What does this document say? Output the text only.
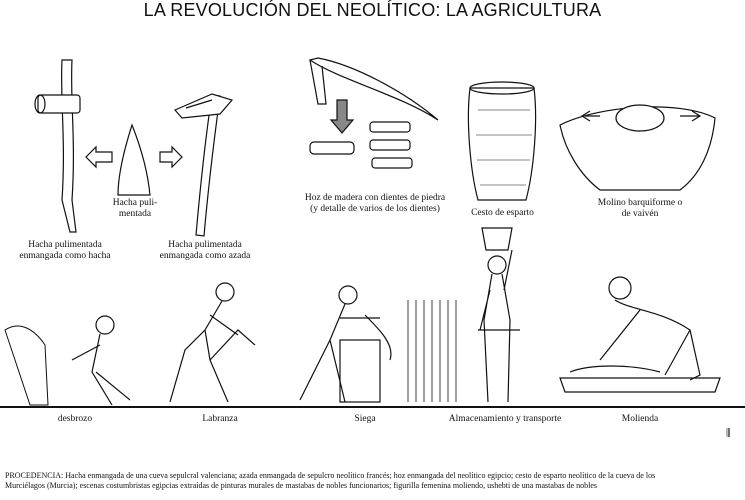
LA REVOLUCIÓN DEL NEOLÍTICO: LA AGRICULTURA
Hacha puli-
mentada
Hacha pulimentada
enmangada como hacha
Hacha pulimentada
enmangada como azada
Hoz de madera con dientes de piedra
(y detalle de varios de los dientes)	Cesto de esparto
Molino barquiforme o
de vaivén
desbrozo	Labranza	Siega	Almacenamiento y transporte	Molienda
⫼
PROCEDENCIA: Hacha enmangada de una cueva sepulcral valenciana; azada enmangada de sepulcro neolítico francés; hoz enmangada del neolítico egipcio; cesto de esparto neolítico de la cueva de los
Murciélagos (Murcia); escenas costumbristas egipcias extraídas de pinturas murales de mastabas de nobles funcionarios; figurilla femenina moliendo, ushebti de una mastabas de nobles
